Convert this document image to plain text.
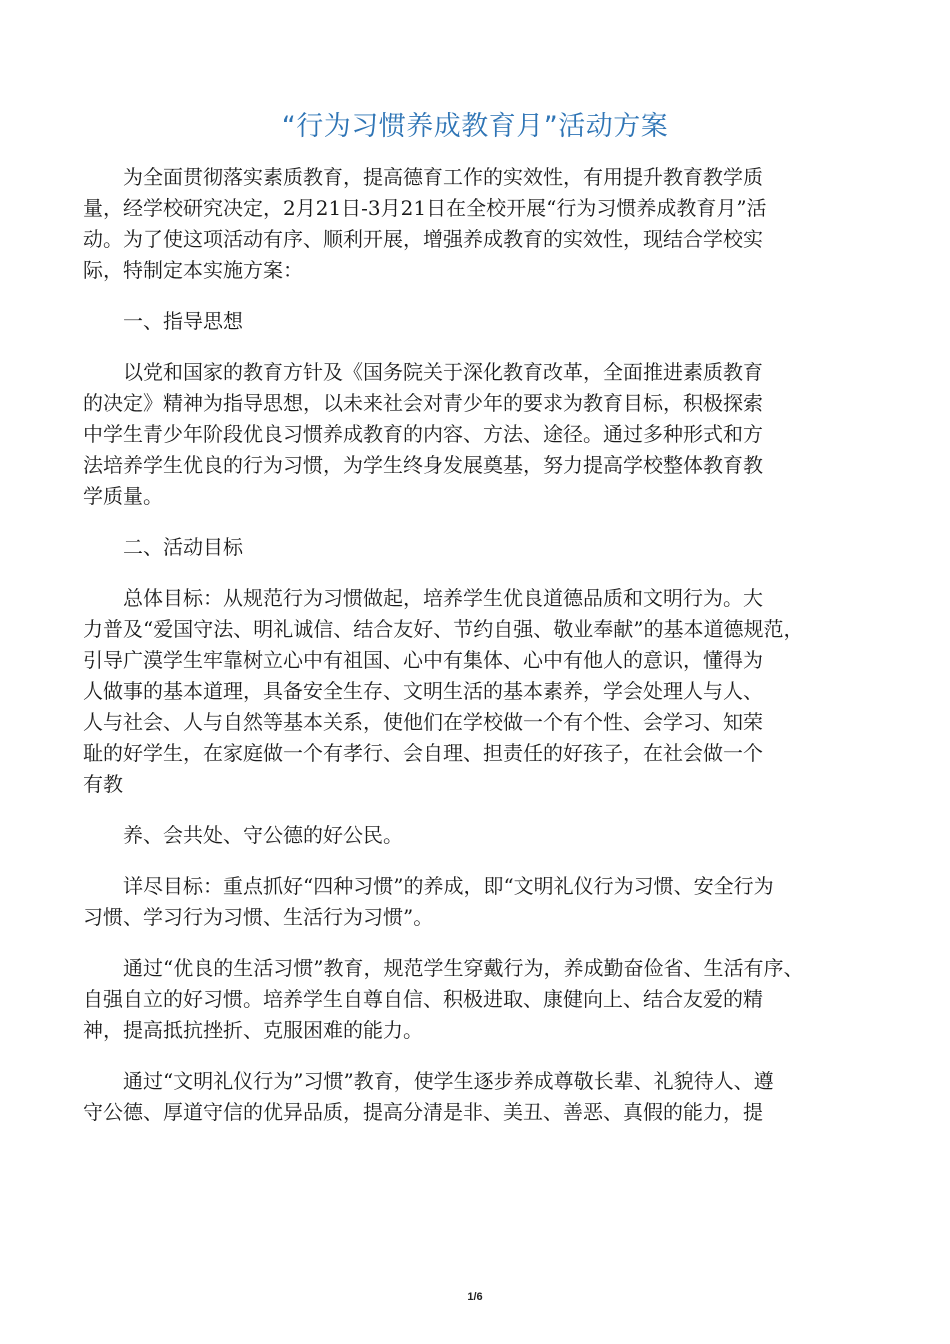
“行为习惯养成教育月”活动方案
为全面贯彻落实素质教育，提高德育工作的实效性，有用提升教育教学质
量，经学校研究决定，2月21日-3月21日在全校开展“行为习惯养成教育月”活
动。为了使这项活动有序、顺利开展，增强养成教育的实效性，现结合学校实
际，特制定本实施方案：
一、指导思想
以党和国家的教育方针及《国务院关于深化教育改革，全面推进素质教育
的决定》精神为指导思想，以未来社会对青少年的要求为教育目标，积极探索
中学生青少年阶段优良习惯养成教育的内容、方法、途径。通过多种形式和方
法培养学生优良的行为习惯，为学生终身发展奠基，努力提高学校整体教育教
学质量。
二、活动目标
总体目标：从规范行为习惯做起，培养学生优良道德品质和文明行为。大
力普及“爱国守法、明礼诚信、结合友好、节约自强、敬业奉献”的基本道德规范，
引导广漠学生牢靠树立心中有祖国、心中有集体、心中有他人的意识，懂得为
人做事的基本道理，具备安全生存、文明生活的基本素养，学会处理人与人、
人与社会、人与自然等基本关系，使他们在学校做一个有个性、会学习、知荣
耻的好学生，在家庭做一个有孝行、会自理、担责任的好孩子，在社会做一个
有教
养、会共处、守公德的好公民。
详尽目标：重点抓好“四种习惯”的养成，即“文明礼仪行为习惯、安全行为
习惯、学习行为习惯、生活行为习惯”。
通过“优良的生活习惯”教育，规范学生穿戴行为，养成勤奋俭省、生活有序、
自强自立的好习惯。培养学生自尊自信、积极进取、康健向上、结合友爱的精
神，提高抵抗挫折、克服困难的能力。
通过“文明礼仪行为”习惯”教育，使学生逐步养成尊敬长辈、礼貌待人、遵
守公德、厚道守信的优异品质，提高分清是非、美丑、善恶、真假的能力，提
1/6
